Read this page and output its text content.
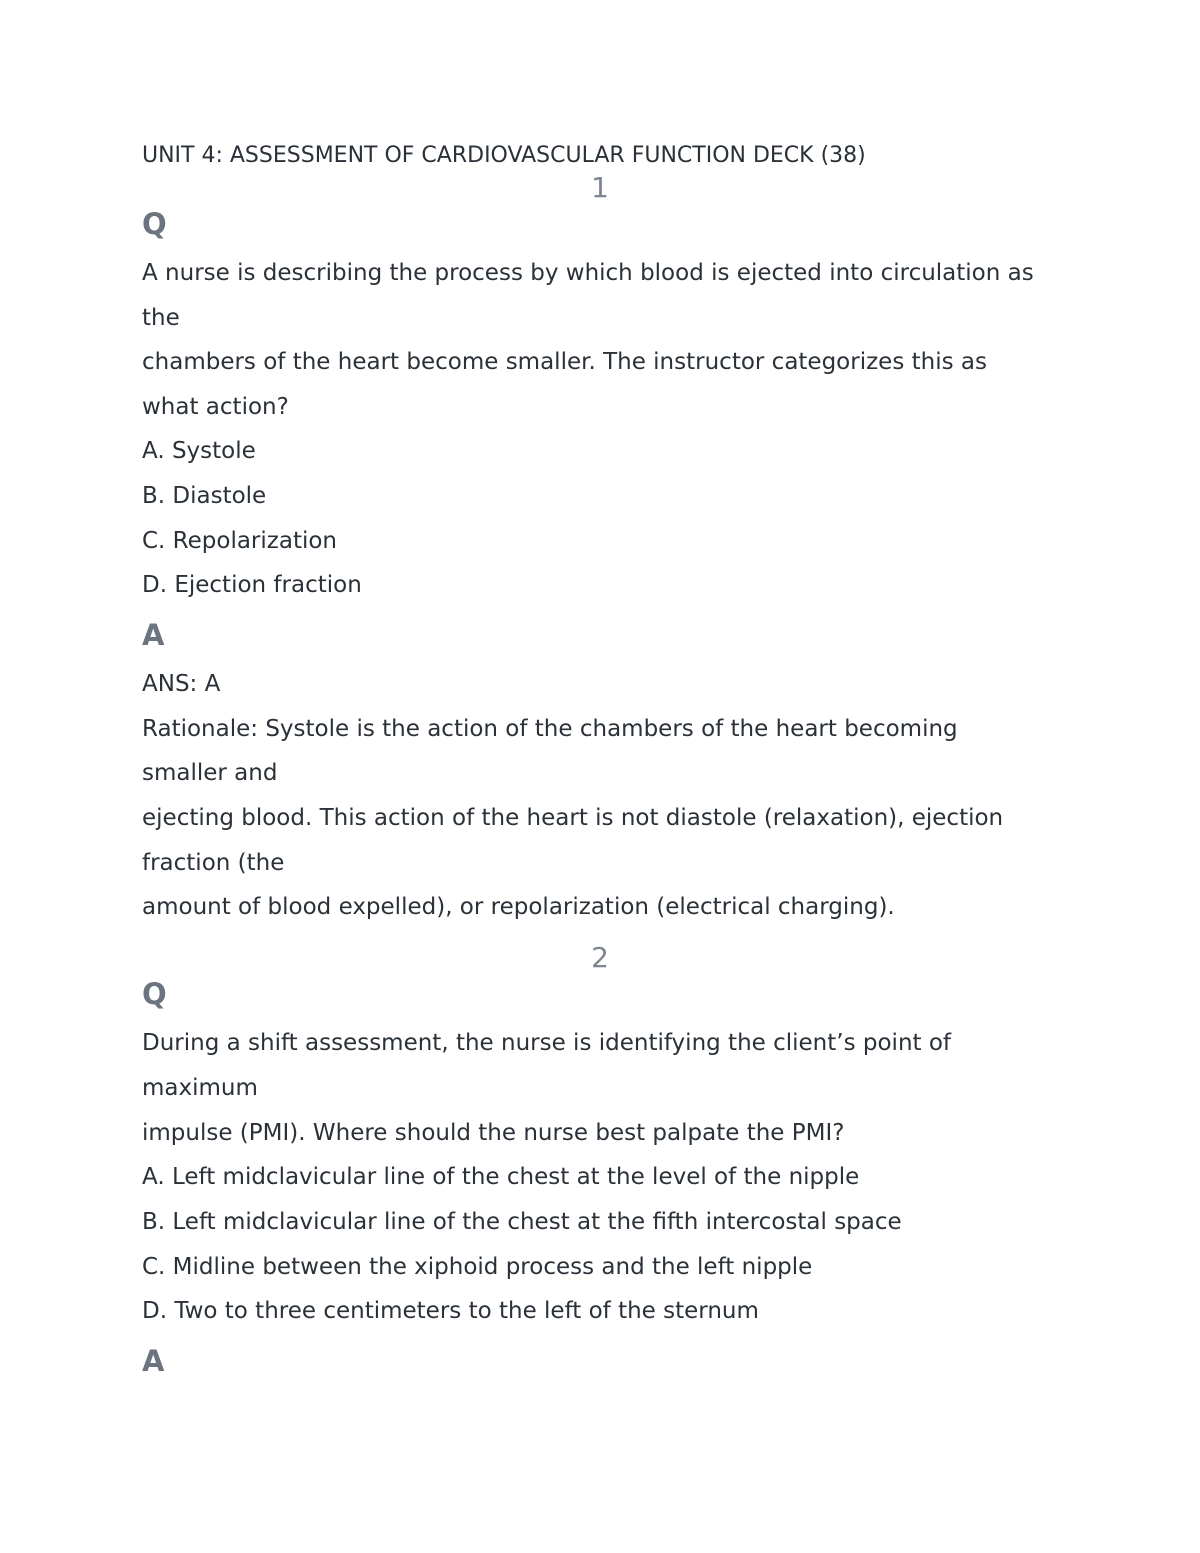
UNIT 4: ASSESSMENT OF CARDIOVASCULAR FUNCTION DECK (38)
1
Q
A nurse is describing the process by which blood is ejected into circulation as
the
chambers of the heart become smaller. The instructor categorizes this as
what action?
A. Systole
B. Diastole
C. Repolarization
D. Ejection fraction
A
ANS: A
Rationale: Systole is the action of the chambers of the heart becoming
smaller and
ejecting blood. This action of the heart is not diastole (relaxation), ejection
fraction (the
amount of blood expelled), or repolarization (electrical charging).
2
Q
During a shift assessment, the nurse is identifying the client’s point of
maximum
impulse (PMI). Where should the nurse best palpate the PMI?
A. Left midclavicular line of the chest at the level of the nipple
B. Left midclavicular line of the chest at the fifth intercostal space
C. Midline between the xiphoid process and the left nipple
D. Two to three centimeters to the left of the sternum
A
